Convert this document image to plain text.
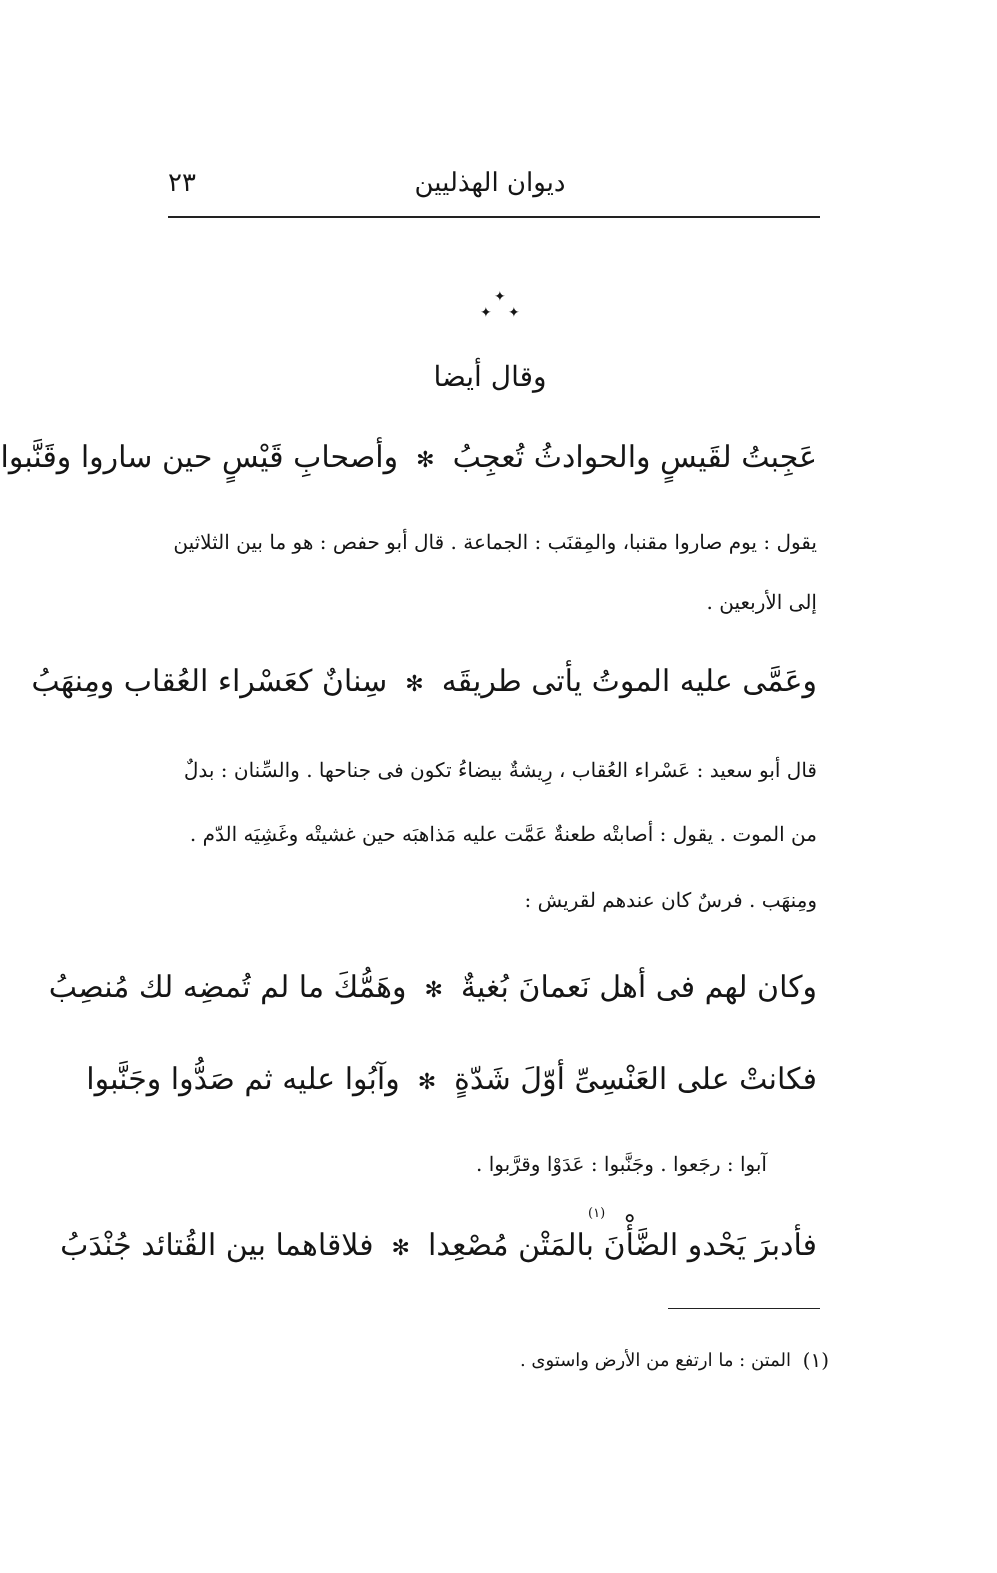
٢٣	ديوان الهذليين
✦
✦ ✦
وقال أيضا
عَجِبتُ لقَيسٍ والحوادثُ تُعجِبُ
✻
وأصحابِ قَيْسٍ حين ساروا وقَنَّبوا
يقول : يوم صاروا مقنبا، والمِقنَب : الجماعة . قال أبو حفص : هو ما بين الثلاثين
إلى الأربعين .
وعَمَّى عليه الموتُ يأتى طريقَه
✻
سِنانٌ كعَسْراء العُقاب ومِنهَبُ
قال أبو سعيد : عَسْراء العُقاب ، رِيشةٌ بيضاءُ تكون فى جناحها . والسِّنان : بدلٌ
من الموت . يقول : أصابتْه طعنةٌ عَمَّت عليه مَذاهبَه حين غشيتْه وغَشِيَه الدّم .
ومِنهَب . فرسٌ كان عندهم لقريش :
وكان لهم فى أهل نَعمانَ بُغيةٌ
✻
وهَمُّكَ ما لم تُمضِه لك مُنصِبُ
فكانتْ على العَنْسِىِّ أوّلَ شَدّةٍ
✻
وآبُوا عليه ثم صَدُّوا وجَنَّبوا
آبوا : رجَعوا . وجَنَّبوا : عَدَوْا وقرَّبوا .
(١)
فأدبرَ يَحْدو الضَّأْنَ بالمَتْن مُصْعِدا
✻
فلاقاهما بين القُتائد جُنْدَبُ
(١)
المتن : ما ارتفع من الأرض واستوى .
